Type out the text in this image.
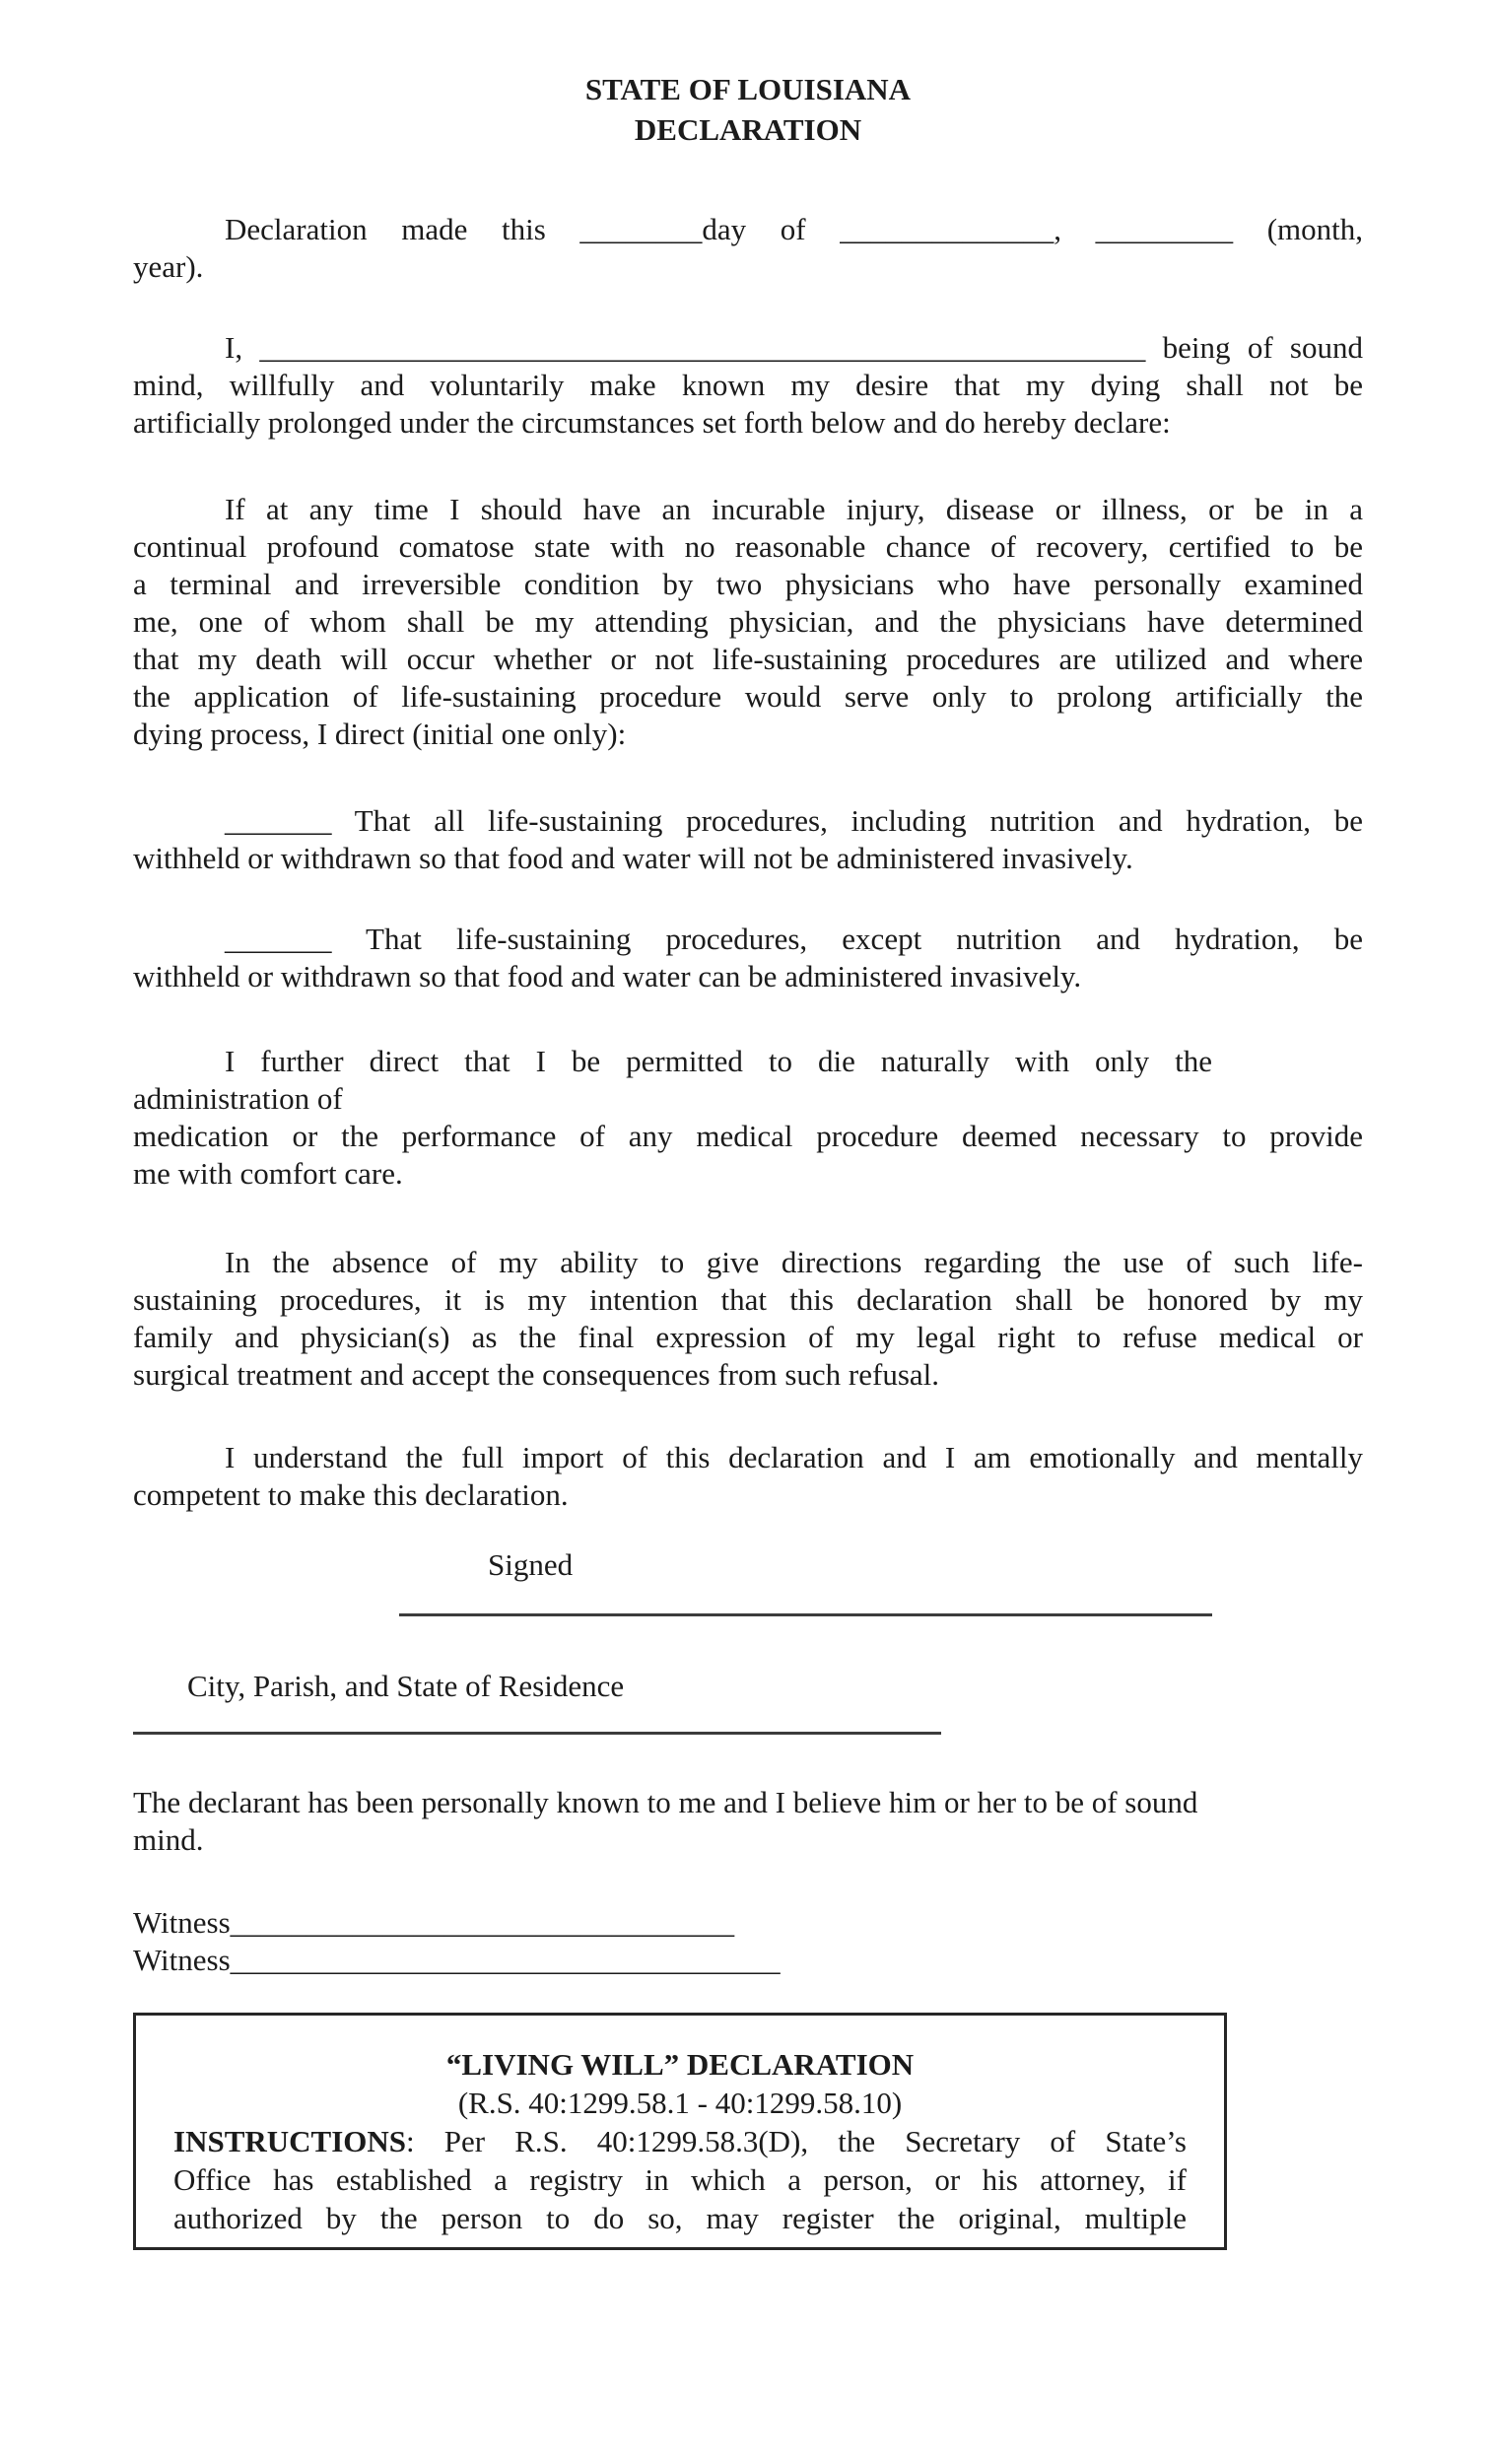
STATE OF LOUISIANA
DECLARATION
Declaration made this ________day of ______________, _________ (month,
year).
I, __________________________________________________________ being of sound
mind, willfully and voluntarily make known my desire that my dying shall not be
artificially prolonged under the circumstances set forth below and do hereby declare:
If at any time I should have an incurable injury, disease or illness, or be in a
continual profound comatose state with no reasonable chance of recovery, certified to be
a terminal and irreversible condition by two physicians who have personally examined
me, one of whom shall be my attending physician, and the physicians have determined
that my death will occur whether or not life-sustaining procedures are utilized and where
the application of life-sustaining procedure would serve only to prolong artificially the
dying process, I direct (initial one only):
_______ That all life-sustaining procedures, including nutrition and hydration, be
withheld or withdrawn so that food and water will not be administered invasively.
_______ That life-sustaining procedures, except nutrition and hydration, be
withheld or withdrawn so that food and water can be administered invasively.
I further direct that I be permitted to die naturally with only the
administration of
medication or the performance of any medical procedure deemed necessary to provide
me with comfort care.
In the absence of my ability to give directions regarding the use of such life-
sustaining procedures, it is my intention that this declaration shall be honored by my
family and physician(s) as the final expression of my legal right to refuse medical or
surgical treatment and accept the consequences from such refusal.
I understand the full import of this declaration and I am emotionally and mentally
competent to make this declaration.
Signed
City, Parish, and State of Residence
The declarant has been personally known to me and I believe him or her to be of sound
mind.
Witness_________________________________
Witness____________________________________
“LIVING WILL” DECLARATION
(R.S. 40:1299.58.1 - 40:1299.58.10)
INSTRUCTIONS: Per R.S. 40:1299.58.3(D), the Secretary of State’s
Office has established a registry in which a person, or his attorney, if
authorized by the person to do so, may register the original, multiple
